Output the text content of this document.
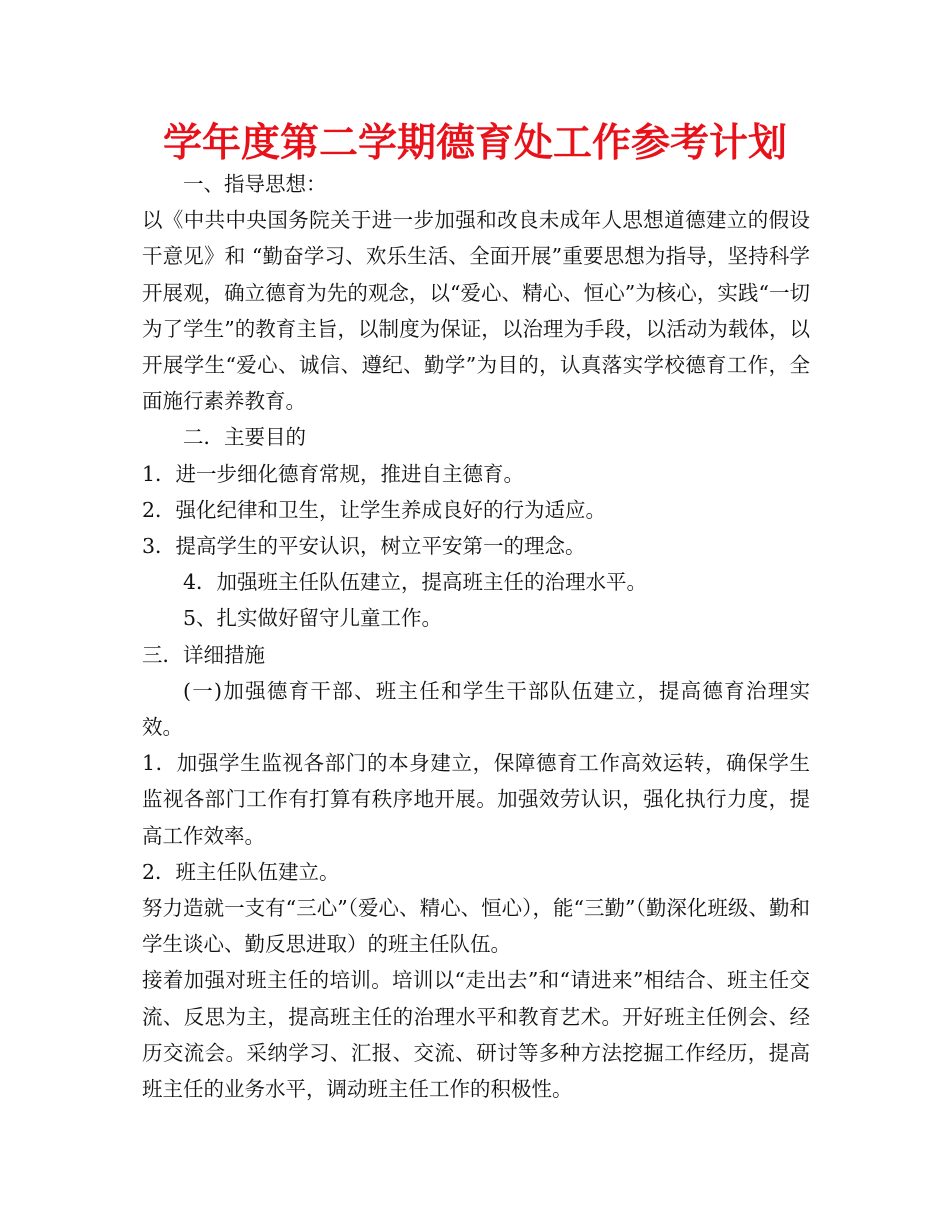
学年度第二学期德育处工作参考计划

一、指导思想：

以《中共中央国务院关于进一步加强和改良未成年人思想道德建立的假设干意见》和 “勤奋学习、欢乐生活、全面开展”重要思想为指导，坚持科学开展观，确立德育为先的观念，以“爱心、精心、恒心”为核心，实践“一切为了学生”的教育主旨，以制度为保证，以治理为手段，以活动为载体，以开展学生“爱心、诚信、遵纪、勤学”为目的，认真落实学校德育工作，全面施行素养教育。

二．主要目的

1．进一步细化德育常规，推进自主德育。

2．强化纪律和卫生，让学生养成良好的行为适应。

3．提高学生的平安认识，树立平安第一的理念。

4．加强班主任队伍建立，提高班主任的治理水平。

5、扎实做好留守儿童工作。

三．详细措施

(一)加强德育干部、班主任和学生干部队伍建立，提高德育治理实效。

1．加强学生监视各部门的本身建立，保障德育工作高效运转，确保学生监视各部门工作有打算有秩序地开展。加强效劳认识，强化执行力度，提高工作效率。

2．班主任队伍建立。

努力造就一支有“三心”（爱心、精心、恒心），能“三勤”（勤深化班级、勤和学生谈心、勤反思进取）的班主任队伍。

接着加强对班主任的培训。培训以“走出去”和“请进来”相结合、班主任交流、反思为主，提高班主任的治理水平和教育艺术。开好班主任例会、经历交流会。采纳学习、汇报、交流、研讨等多种方法挖掘工作经历，提高班主任的业务水平，调动班主任工作的积极性。
